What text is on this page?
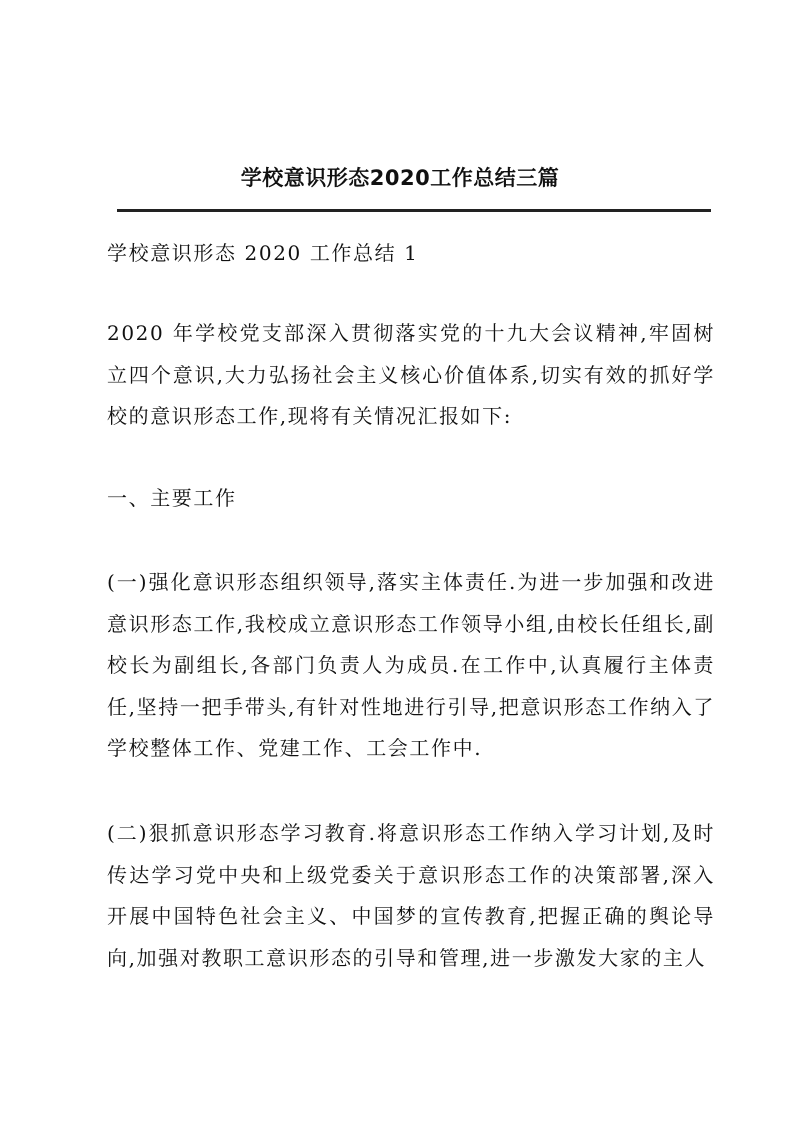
学校意识形态2020工作总结三篇

学校意识形态 2020 工作总结 1

2020 年学校党支部深入贯彻落实党的十九大会议精神,牢固树立四个意识,大力弘扬社会主义核心价值体系,切实有效的抓好学校的意识形态工作,现将有关情况汇报如下:

一、主要工作

(一)强化意识形态组织领导,落实主体责任.为进一步加强和改进意识形态工作,我校成立意识形态工作领导小组,由校长任组长,副校长为副组长,各部门负责人为成员.在工作中,认真履行主体责任,坚持一把手带头,有针对性地进行引导,把意识形态工作纳入了学校整体工作、党建工作、工会工作中.

(二)狠抓意识形态学习教育.将意识形态工作纳入学习计划,及时传达学习党中央和上级党委关于意识形态工作的决策部署,深入开展中国特色社会主义、中国梦的宣传教育,把握正确的舆论导向,加强对教职工意识形态的引导和管理,进一步激发大家的主人
